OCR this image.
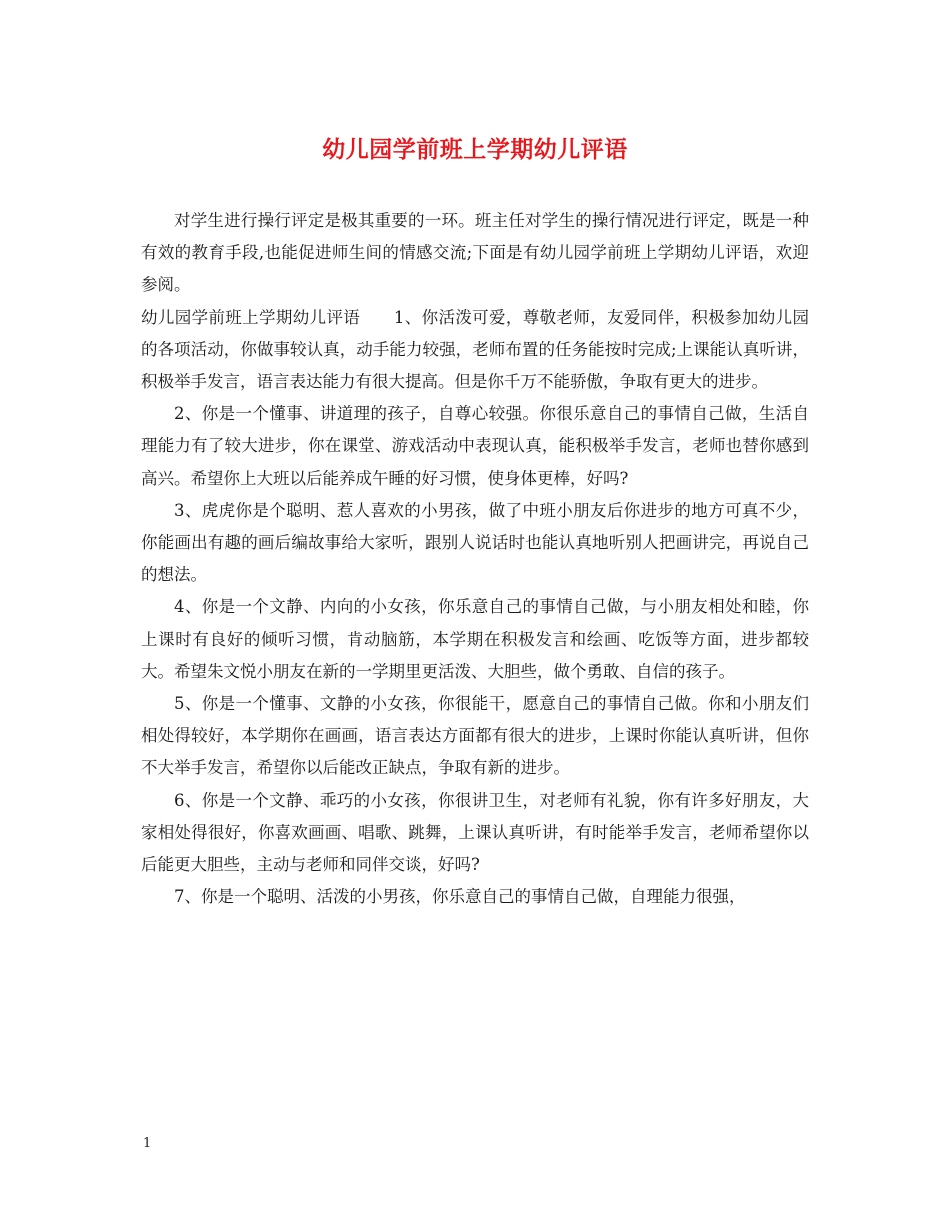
幼儿园学前班上学期幼儿评语

对学生进行操行评定是极其重要的一环。班主任对学生的操行情况进行评定，既是一种有效的教育手段,也能促进师生间的情感交流;下面是有幼儿园学前班上学期幼儿评语，欢迎参阅。

幼儿园学前班上学期幼儿评语　　1、你活泼可爱，尊敬老师，友爱同伴，积极参加幼儿园的各项活动，你做事较认真，动手能力较强，老师布置的任务能按时完成;上课能认真听讲，积极举手发言，语言表达能力有很大提高。但是你千万不能骄傲，争取有更大的进步。

2、你是一个懂事、讲道理的孩子，自尊心较强。你很乐意自己的事情自己做，生活自理能力有了较大进步，你在课堂、游戏活动中表现认真，能积极举手发言，老师也替你感到高兴。希望你上大班以后能养成午睡的好习惯，使身体更棒，好吗?

3、虎虎你是个聪明、惹人喜欢的小男孩，做了中班小朋友后你进步的地方可真不少，你能画出有趣的画后编故事给大家听，跟别人说话时也能认真地听别人把画讲完，再说自己的想法。

4、你是一个文静、内向的小女孩，你乐意自己的事情自己做，与小朋友相处和睦，你上课时有良好的倾听习惯，肯动脑筋，本学期在积极发言和绘画、吃饭等方面，进步都较大。希望朱文悦小朋友在新的一学期里更活泼、大胆些，做个勇敢、自信的孩子。

5、你是一个懂事、文静的小女孩，你很能干，愿意自己的事情自己做。你和小朋友们相处得较好，本学期你在画画，语言表达方面都有很大的进步，上课时你能认真听讲，但你不大举手发言，希望你以后能改正缺点，争取有新的进步。

6、你是一个文静、乖巧的小女孩，你很讲卫生，对老师有礼貌，你有许多好朋友，大家相处得很好，你喜欢画画、唱歌、跳舞，上课认真听讲，有时能举手发言，老师希望你以后能更大胆些，主动与老师和同伴交谈，好吗?

7、你是一个聪明、活泼的小男孩，你乐意自己的事情自己做，自理能力很强，

1
